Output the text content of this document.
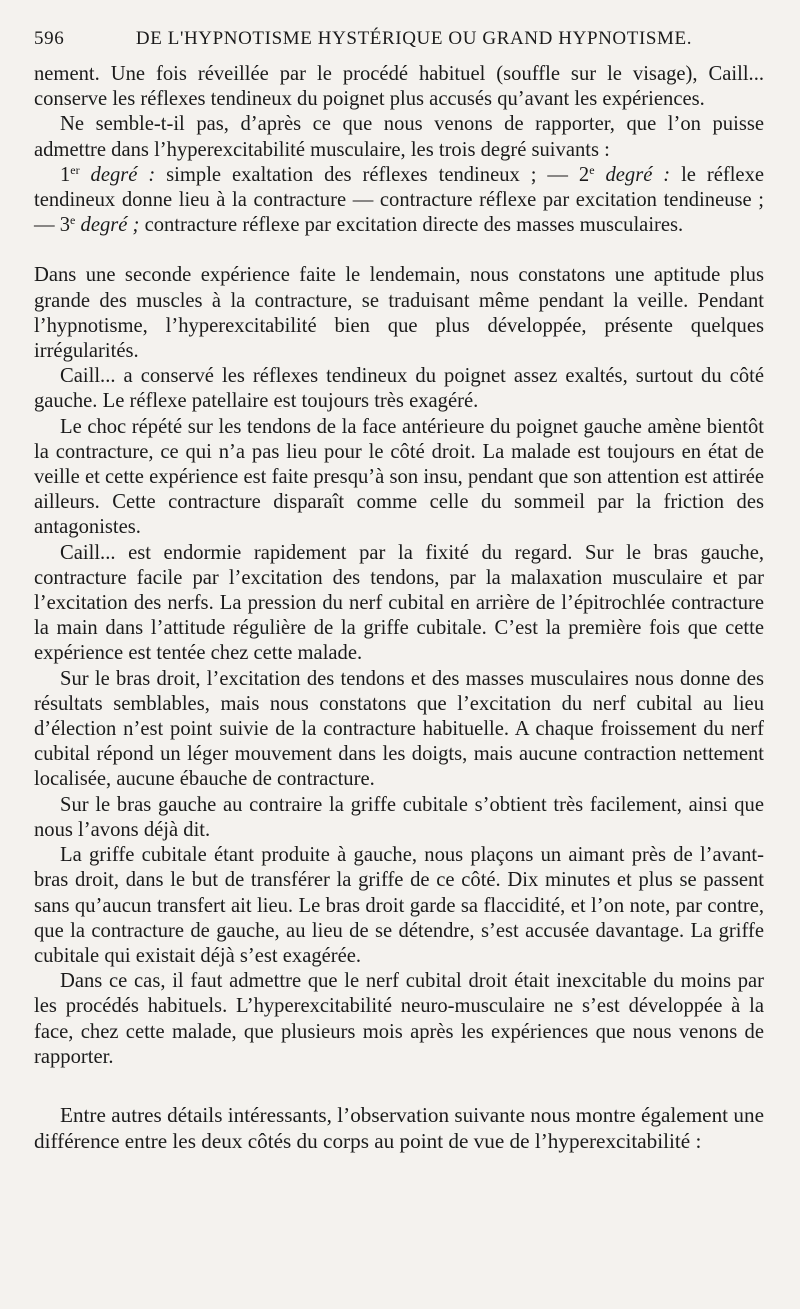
596	DE L'HYPNOTISME HYSTÉRIQUE OU GRAND HYPNOTISME.

nement. Une fois réveillée par le procédé habituel (souffle sur le visage), Caill... conserve les réflexes tendineux du poignet plus accusés qu’avant les expériences.

Ne semble-t-il pas, d’après ce que nous venons de rapporter, que l’on puisse admettre dans l’hyperexcitabilité musculaire, les trois degré suivants :

1er degré : simple exaltation des réflexes tendineux ; — 2e degré : le réflexe tendineux donne lieu à la contracture — contracture réflexe par excitation tendineuse ; — 3e degré ; contracture réflexe par excitation directe des masses musculaires.

Dans une seconde expérience faite le lendemain, nous constatons une aptitude plus grande des muscles à la contracture, se traduisant même pendant la veille. Pendant l’hypnotisme, l’hyperexcitabilité bien que plus développée, présente quelques irrégularités.

Caill... a conservé les réflexes tendineux du poignet assez exaltés, surtout du côté gauche. Le réflexe patellaire est toujours très exagéré.

Le choc répété sur les tendons de la face antérieure du poignet gauche amène bientôt la contracture, ce qui n’a pas lieu pour le côté droit. La malade est toujours en état de veille et cette expérience est faite presqu’à son insu, pendant que son attention est attirée ailleurs. Cette contracture disparaît comme celle du sommeil par la friction des antagonistes.

Caill... est endormie rapidement par la fixité du regard. Sur le bras gauche, contracture facile par l’excitation des tendons, par la malaxation musculaire et par l’excitation des nerfs. La pression du nerf cubital en arrière de l’épitrochlée contracture la main dans l’attitude régulière de la griffe cubitale. C’est la première fois que cette expérience est tentée chez cette malade.

Sur le bras droit, l’excitation des tendons et des masses musculaires nous donne des résultats semblables, mais nous constatons que l’excitation du nerf cubital au lieu d’élection n’est point suivie de la contracture habituelle. A chaque froissement du nerf cubital répond un léger mouvement dans les doigts, mais aucune contraction nettement localisée, aucune ébauche de contracture.

Sur le bras gauche au contraire la griffe cubitale s’obtient très facilement, ainsi que nous l’avons déjà dit.

La griffe cubitale étant produite à gauche, nous plaçons un aimant près de l’avant-bras droit, dans le but de transférer la griffe de ce côté. Dix minutes et plus se passent sans qu’aucun transfert ait lieu. Le bras droit garde sa flaccidité, et l’on note, par contre, que la contracture de gauche, au lieu de se détendre, s’est accusée davantage. La griffe cubitale qui existait déjà s’est exagérée.

Dans ce cas, il faut admettre que le nerf cubital droit était inexcitable du moins par les procédés habituels. L’hyperexcitabilité neuro-musculaire ne s’est développée à la face, chez cette malade, que plusieurs mois après les expériences que nous venons de rapporter.

Entre autres détails intéressants, l’observation suivante nous montre également une différence entre les deux côtés du corps au point de vue de l’hyperexcitabilité :
